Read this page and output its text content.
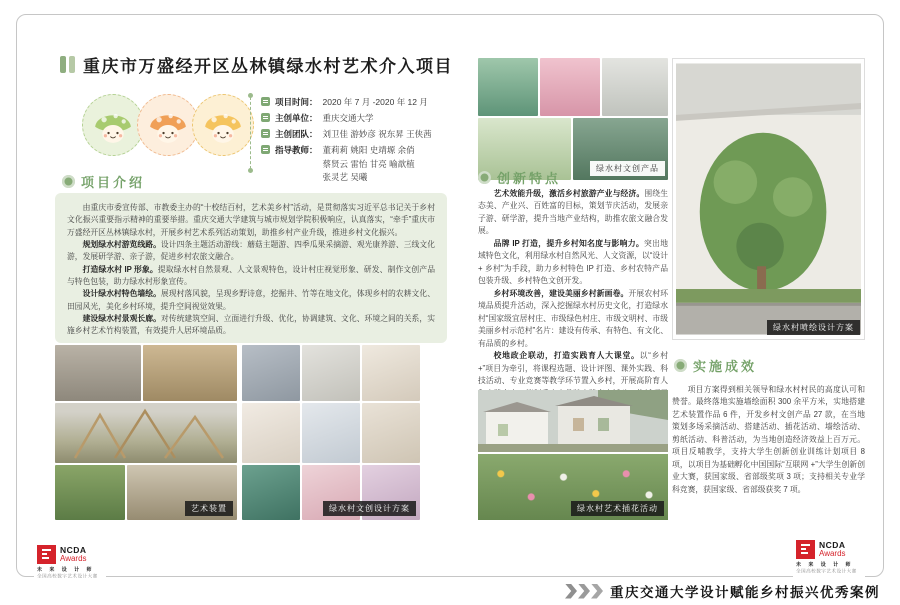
重庆市万盛经开区丛林镇绿水村艺术介入项目
项目时间： 2020 年 7 月 -2020 年 12 月
主创单位： 重庆交通大学
主创团队： 刘卫佳 游妙彦 祝东昇 王侠茜
指导教师： 董莉莉 姚阳 史靖塬 余俏
蔡贤云 雷怡 甘亮 喻歆植
张灵艺 吴曦
项目介绍

由重庆市委宣传部、市教委主办的“十校结百村，艺术美乡村”活动，是贯彻落实习近平总书记关于乡村文化振兴重要指示精神的重要举措。重庆交通大学建筑与城市规划学院积极响应，认真落实，“牵手”重庆市万盛经开区丛林镇绿水村，开展乡村艺术系列活动策划，助推乡村产业升级，推进乡村文化振兴。

规划绿水村游览线路。设计四条主题活动游线：蘑菇主题游、四季瓜果采摘游、观光康养游、三线文化游，发展研学游、亲子游，促进乡村农旅文融合。

打造绿水村 IP 形象。提取绿水村自然景观、人文景观特色，设计村庄视觉形象、研发、制作文创产品与特色包装，助力绿水村形象宣传。

设计绿水村特色墙绘。展现村落风貌，呈现乡野诗意，挖掘井、竹等在地文化，体现乡村的农耕文化、田园风光，美化乡村环境，提升空间视觉效果。

建设绿水村景观长廊。对传统建筑空间、立面进行升级、优化，协调建筑、文化、环境之间的关系，实施乡村艺术竹构装置，有效提升人居环境品质。

艺术装置	绿水村文创设计方案
绿水村文创产品
绿水村喷绘设计方案
创新特点

艺术效能升级，激活乡村旅游产业与经济。围绕生态美、产业兴、百姓富的目标，策划节庆活动，发展亲子游、研学游，提升当地产业结构，助推农旅文融合发展。

品牌 IP 打造，提升乡村知名度与影响力。突出地域特色文化，利用绿水村自然风光、人文资源，以“设计 + 乡村”为手段，助力乡村特色 IP 打造、乡村农特产品包装升级、乡村特色文创开发。

乡村环境改善，建设美丽乡村新画卷。开展农村环境品质提升活动，深入挖掘绿水村历史文化，打造绿水村“国家级宜居村庄、市级绿色村庄、市级文明村、市级美丽乡村示范村”名片：建设有传承、有特色、有文化、有品质的乡村。

校地政企联动，打造实践育人大课堂。以“乡村 +”项目为牵引，将课程选题、设计评图、课外实践、科技活动、专业竞赛等教学环节置入乡村，开展高阶育人

绿水村艺术插花活动
实施成效

项目方案得到相关领导和绿水村村民的高度认可和赞誉。最终落地实施墙绘面积 300 余平方米，实地搭建艺术装置作品 6 件，开发乡村文创产品 27 款，在当地策划多场采摘活动、搭建活动、插花活动、墙绘活动、剪纸活动、科普活动，为当地创造经济效益上百万元。项目反哺教学，支持大学生创新创业训练计划项目 8 项，以项目为基础孵化中国国际“互联网 +”大学生创新创业大赛，获国家级、省部级奖项 3 项；支持相关专业学科竞赛，获国家级、省部级获奖 7 项。

NCDA
Awards
未 来 设 计 师
全国高校数字艺术设计大赛
NCDA
Awards
未 来 设 计 师
全国高校数字艺术设计大赛
重庆交通大学设计赋能乡村振兴优秀案例
